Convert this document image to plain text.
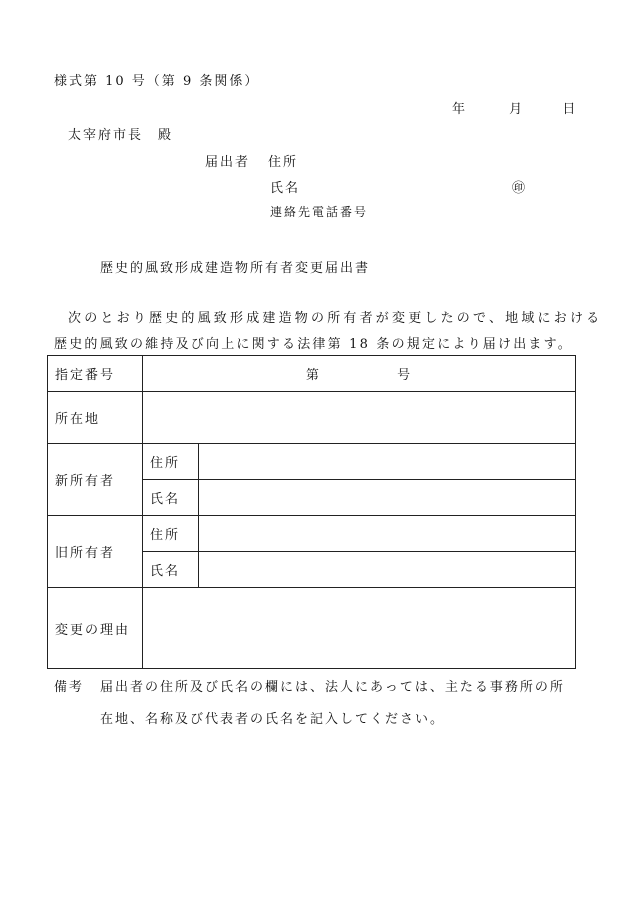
様式第 10 号（第 9 条関係）
年	月	日
太宰府市長　殿
届出者 住所
氏名	㊞
連絡先電話番号
歴史的風致形成建造物所有者変更届出書
次のとおり歴史的風致形成建造物の所有者が変更したので、地域における
歴史的風致の維持及び向上に関する法律第 18 条の規定により届け出ます。
指定番号	第 号	
所在地		
新所有者	住所	
	氏名	
旧所有者	住所	
	氏名	
変更の理由		
備考 届出者の住所及び氏名の欄には、法人にあっては、主たる事務所の所
在地、名称及び代表者の氏名を記入してください。
